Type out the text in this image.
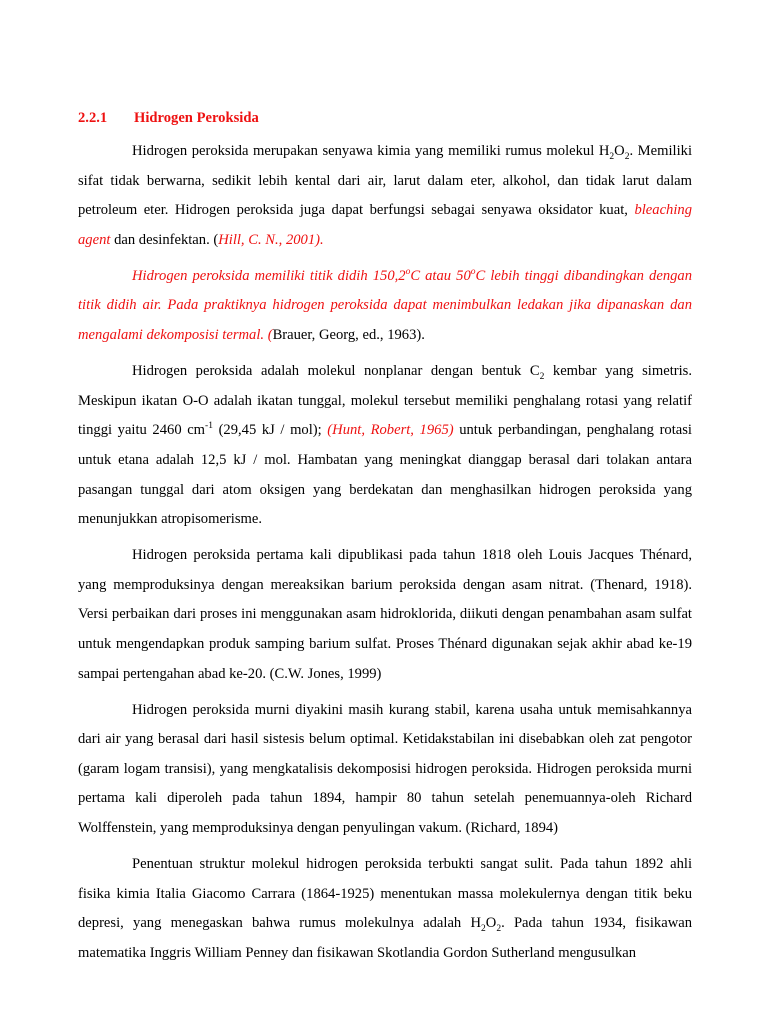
2.2.1 Hidrogen Peroksida

Hidrogen peroksida merupakan senyawa kimia yang memiliki rumus molekul $H_2O_2$. Memiliki sifat tidak berwarna, sedikit lebih kental dari air, larut dalam eter, alkohol, dan tidak larut dalam petroleum eter. Hidrogen peroksida juga dapat berfungsi sebagai senyawa oksidator kuat, bleaching agent dan desinfektan. (Hill, C. N., 2001).

Hidrogen peroksida memiliki titik didih 150,2$^o$C atau 50$^o$C lebih tinggi dibandingkan dengan titik didih air. Pada praktiknya hidrogen peroksida dapat menimbulkan ledakan jika dipanaskan dan mengalami dekomposisi termal. (Brauer, Georg, ed., 1963).

Hidrogen peroksida adalah molekul nonplanar dengan bentuk $C_2$ kembar yang simetris. Meskipun ikatan O-O adalah ikatan tunggal, molekul tersebut memiliki penghalang rotasi yang relatif tinggi yaitu 2460 $cm^{-1}$ (29,45 kJ / mol); (Hunt, Robert, 1965) untuk perbandingan, penghalang rotasi untuk etana adalah 12,5 kJ / mol. Hambatan yang meningkat dianggap berasal dari tolakan antara pasangan tunggal dari atom oksigen yang berdekatan dan menghasilkan hidrogen peroksida yang menunjukkan atropisomerisme.

Hidrogen peroksida pertama kali dipublikasi pada tahun 1818 oleh Louis Jacques Thénard, yang memproduksinya dengan mereaksikan barium peroksida dengan asam nitrat. (Thenard, 1918). Versi perbaikan dari proses ini menggunakan asam hidroklorida, diikuti dengan penambahan asam sulfat untuk mengendapkan produk samping barium sulfat. Proses Thénard digunakan sejak akhir abad ke-19 sampai pertengahan abad ke-20. (C.W. Jones, 1999)

Hidrogen peroksida murni diyakini masih kurang stabil, karena usaha untuk memisahkannya dari air yang berasal dari hasil sistesis belum optimal. Ketidakstabilan ini disebabkan oleh zat pengotor (garam logam transisi), yang mengkatalisis dekomposisi hidrogen peroksida. Hidrogen peroksida murni pertama kali diperoleh pada tahun 1894, hampir 80 tahun setelah penemuannya-oleh Richard Wolffenstein, yang memproduksinya dengan penyulingan vakum. (Richard, 1894)

Penentuan struktur molekul hidrogen peroksida terbukti sangat sulit. Pada tahun 1892 ahli fisika kimia Italia Giacomo Carrara (1864-1925) menentukan massa molekulernya dengan titik beku depresi, yang menegaskan bahwa rumus molekulnya adalah $H_2O_2$. Pada tahun 1934, fisikawan matematika Inggris William Penney dan fisikawan Skotlandia Gordon Sutherland mengusulkan
